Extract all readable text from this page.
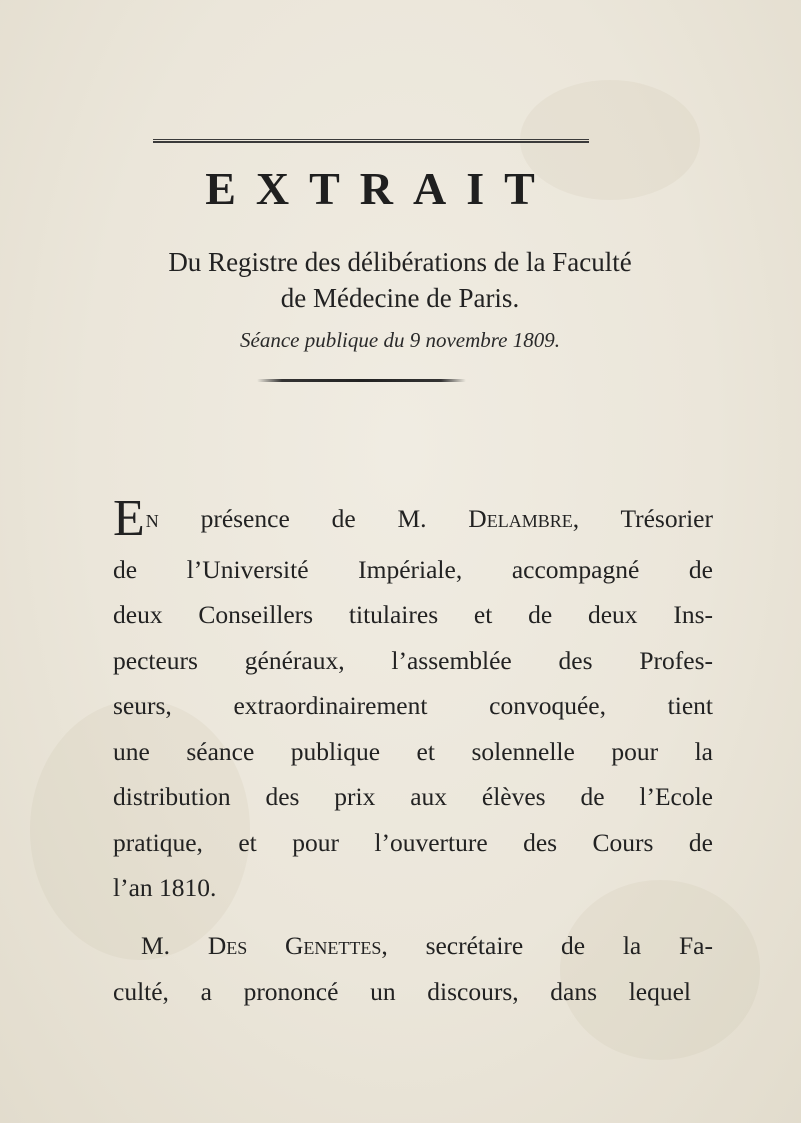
EXTRAIT
Du Registre des délibérations de la Faculté
de Médecine de Paris.
Séance publique du 9 novembre 1809.
En présence de M. Delambre, Trésorier
de l’Université Impériale, accompagné de
deux Conseillers titulaires et de deux Ins-
pecteurs généraux, l’assemblée des Profes-
seurs, extraordinairement convoquée, tient
une séance publique et solennelle pour la
distribution des prix aux élèves de l’Ecole
pratique, et pour l’ouverture des Cours de
l’an 1810.
M. Des Genettes, secrétaire de la Fa-
culté, a prononcé un discours, dans lequel
